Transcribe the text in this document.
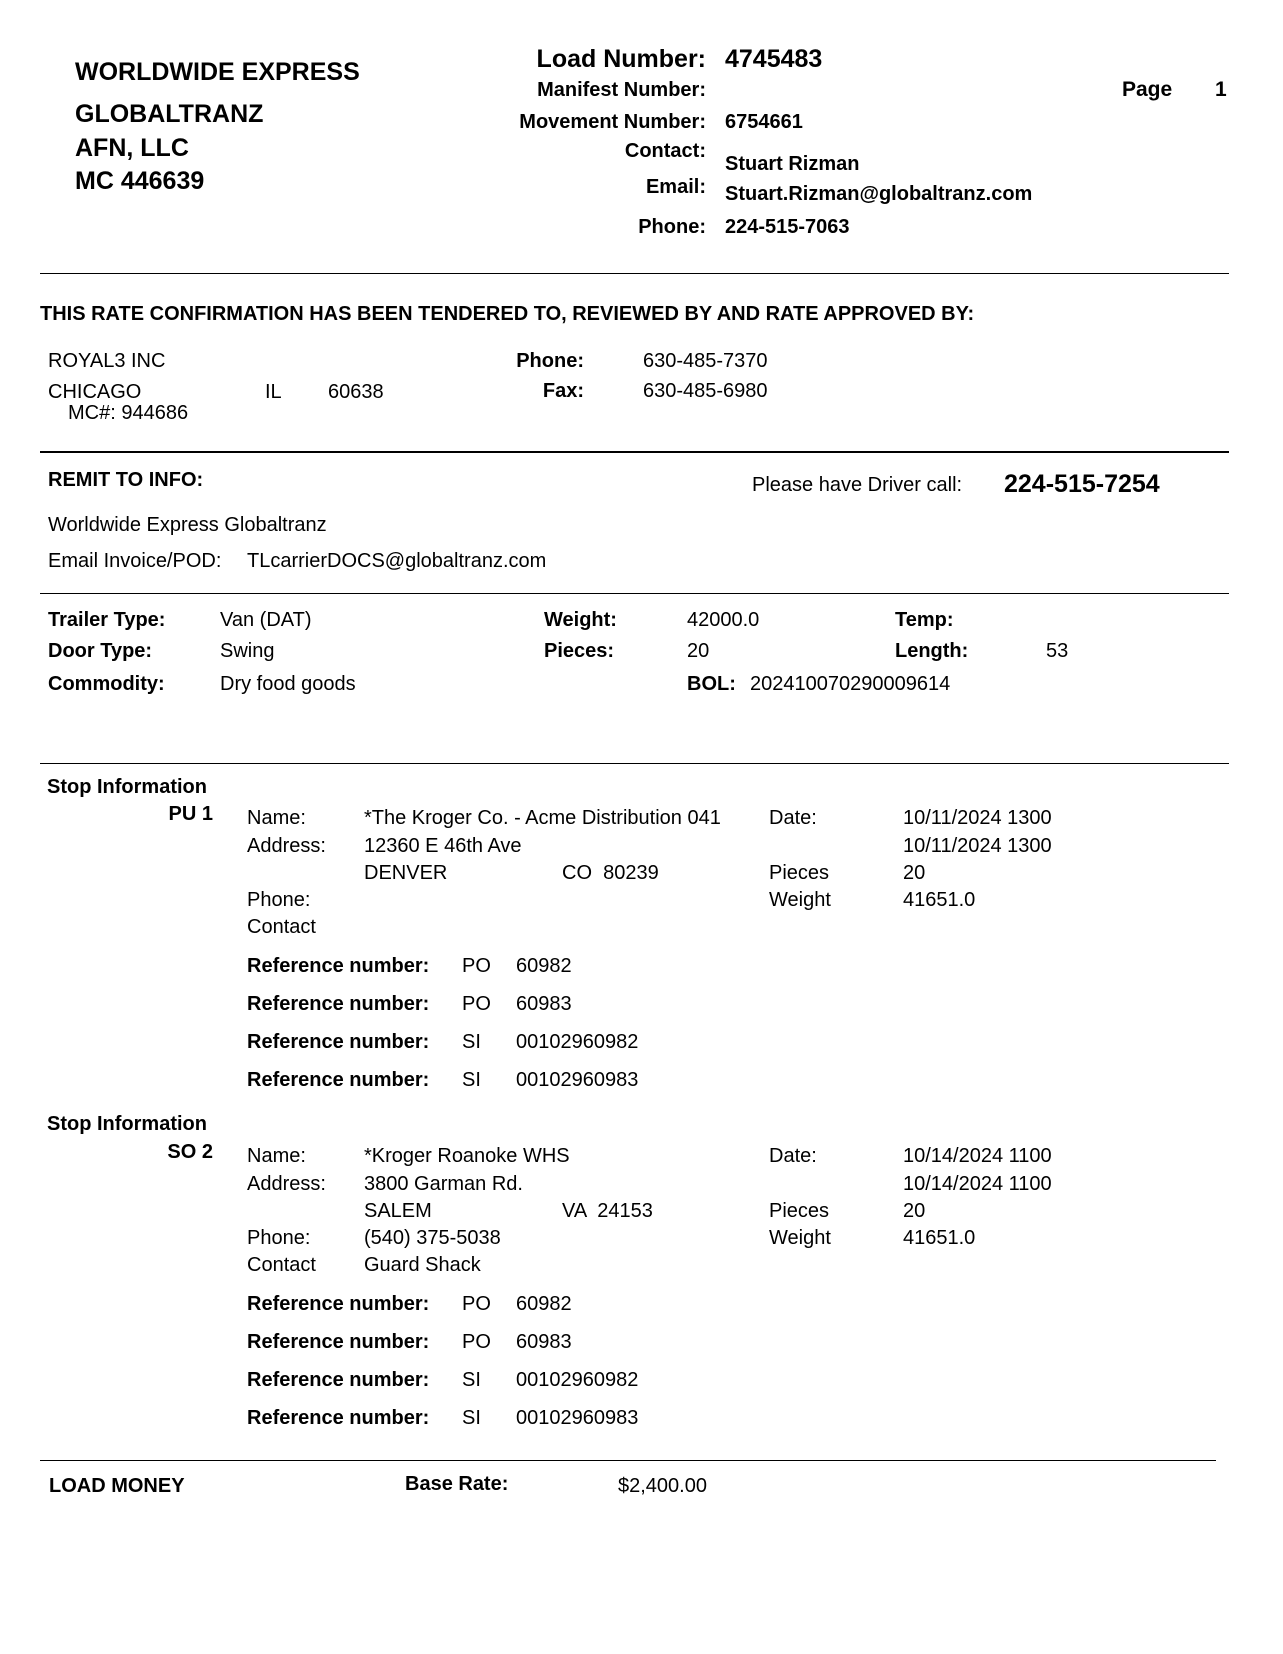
WORLDWIDE EXPRESS
GLOBALTRANZ
AFN, LLC
MC 446639
Load Number: 4745483
Manifest Number:
Movement Number: 6754661
Contact:
Stuart Rizman
Email: Stuart.Rizman@globaltranz.com
Phone: 224-515-7063
Page 1
THIS RATE CONFIRMATION HAS BEEN TENDERED TO, REVIEWED BY AND RATE APPROVED BY:
ROYAL3 INC
CHICAGO	IL 60638
MC#: 944686
Phone:	630-485-7370
Fax:	630-485-6980
REMIT TO INFO:	Please have Driver call: 224-515-7254
Worldwide Express Globaltranz
Email Invoice/POD: TLcarrierDOCS@globaltranz.com
Trailer Type:	Van (DAT)
Door Type:	Swing
Commodity:	Dry food goods
Weight:	42000.0
Pieces:	20
BOL: 202410070290009614
Temp:
Length:	53
Stop Information
PU 1 Name:	*The Kroger Co. - Acme Distribution 041
Address: 12360 E 46th Ave
DENVER	CO  80239
Phone:
Contact
Date:	10/11/2024 1300
10/11/2024 1300
Pieces	20
Weight	41651.0
Reference number: PO 60982
Reference number: PO 60983
Reference number: SI 00102960982
Reference number: SI 00102960983
Stop Information
SO 2 Name:	*Kroger Roanoke WHS
Address: 3800 Garman Rd.
SALEM	VA  24153
Phone:	(540) 375-5038
Contact Guard Shack
Date:	10/14/2024 1100
10/14/2024 1100
Pieces	20
Weight	41651.0
Reference number: PO 60982
Reference number: PO 60983
Reference number: SI 00102960982
Reference number: SI 00102960983
LOAD MONEY	Base Rate:	$2,400.00
